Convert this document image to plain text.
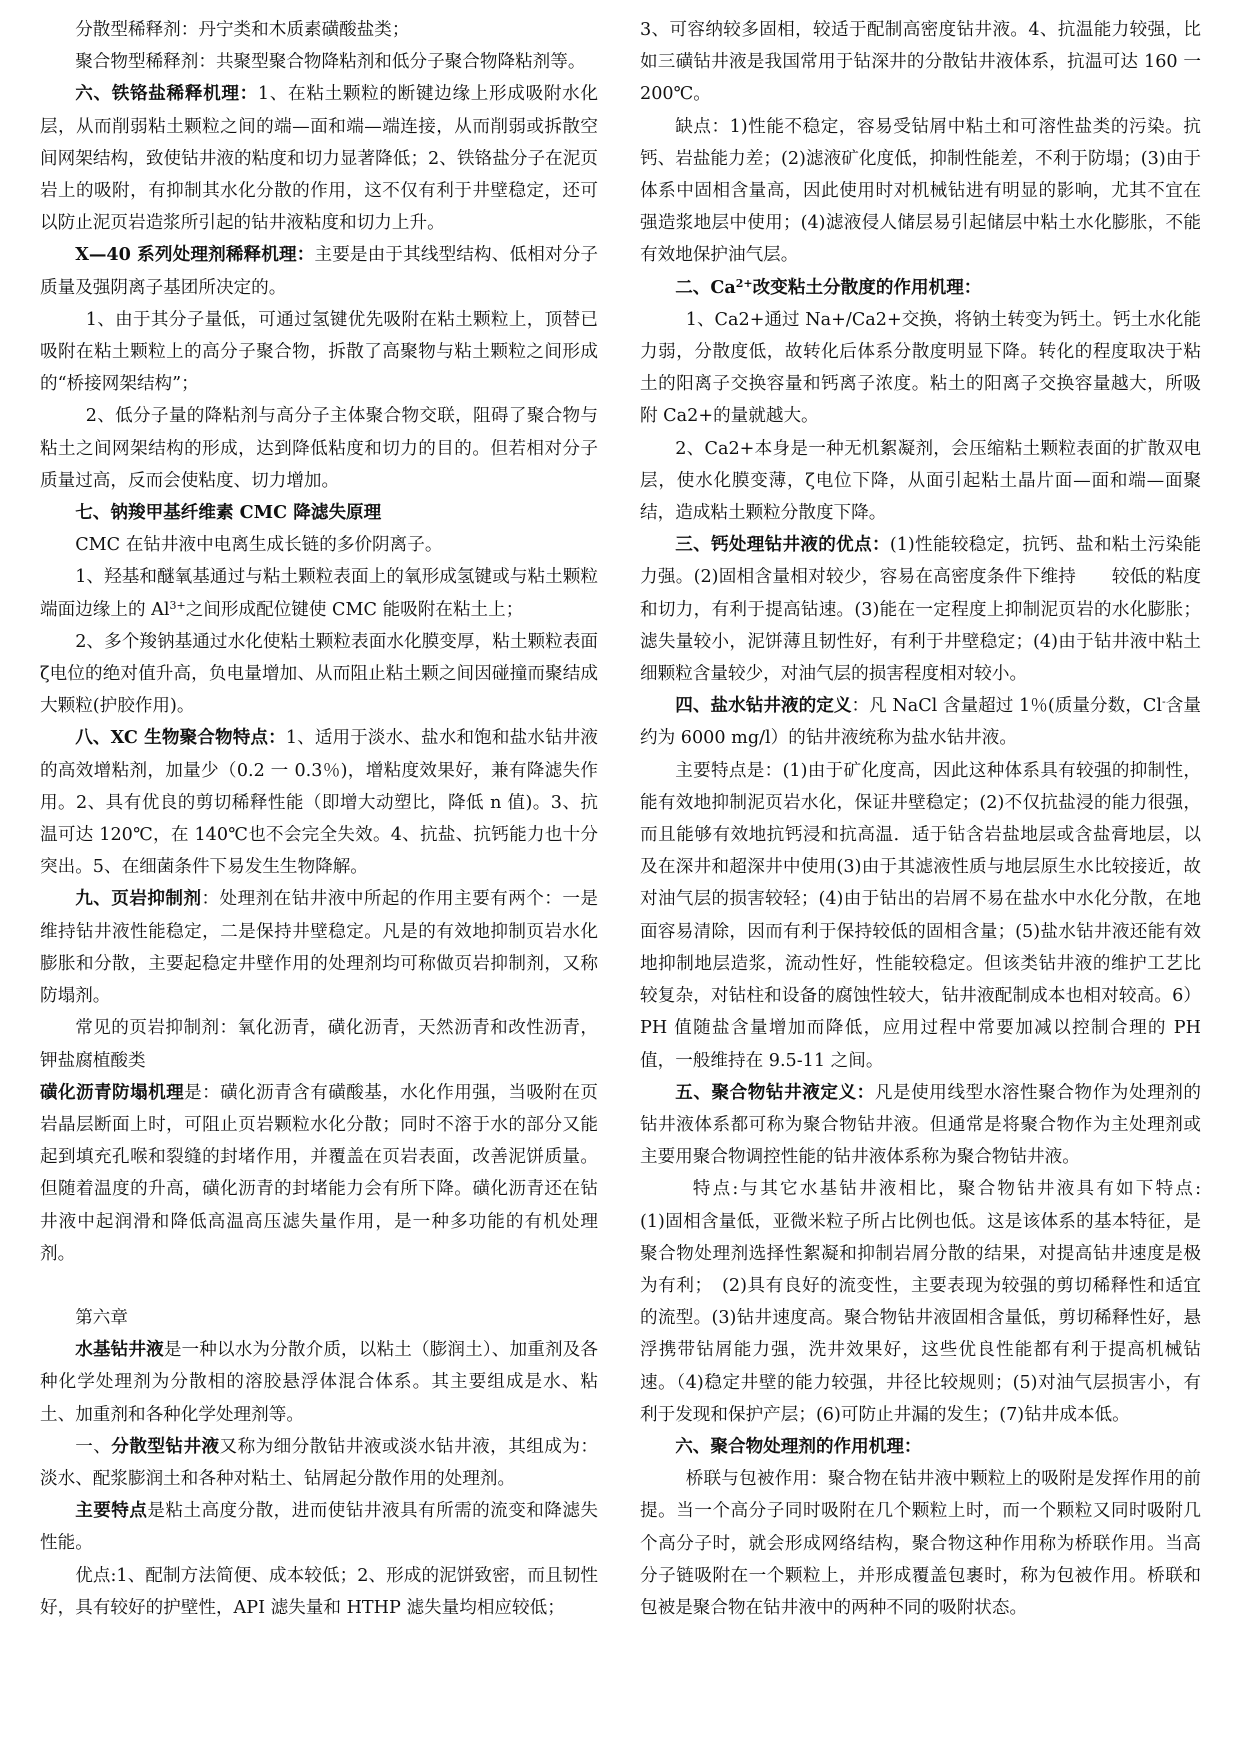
分散型稀释剂：丹宁类和木质素磺酸盐类；

聚合物型稀释剂：共聚型聚合物降粘剂和低分子聚合物降粘剂等。

六、铁铬盐稀释机理：1、在粘土颗粒的断键边缘上形成吸附水化层，从而削弱粘土颗粒之间的端—面和端—端连接，从而削弱或拆散空间网架结构，致使钻井液的粘度和切力显著降低；2、铁铬盐分子在泥页岩上的吸附，有抑制其水化分散的作用，这不仅有利于井壁稳定，还可以防止泥页岩造浆所引起的钻井液粘度和切力上升。

X—40 系列处理剂稀释机理：主要是由于其线型结构、低相对分子质量及强阴离子基团所决定的。

1、由于其分子量低，可通过氢键优先吸附在粘土颗粒上，顶替已吸附在粘土颗粒上的高分子聚合物，拆散了高聚物与粘土颗粒之间形成的“桥接网架结构”；

2、低分子量的降粘剂与高分子主体聚合物交联，阻碍了聚合物与粘土之间网架结构的形成，达到降低粘度和切力的目的。但若相对分子质量过高，反而会使粘度、切力增加。

七、钠羧甲基纤维素 CMC 降滤失原理

CMC 在钻井液中电离生成长链的多价阴离子。

1、羟基和醚氧基通过与粘土颗粒表面上的氧形成氢键或与粘土颗粒端面边缘上的 $Al^{3+}$之间形成配位键使 CMC 能吸附在粘土上；

2、多个羧钠基通过水化使粘土颗粒表面水化膜变厚，粘土颗粒表面ζ电位的绝对值升高，负电量增加、从而阻止粘土颗之间因碰撞而聚结成大颗粒(护胶作用)。

八、XC 生物聚合物特点：1、适用于淡水、盐水和饱和盐水钻井液的高效增粘剂，加量少（0.2 一 0.3％)，增粘度效果好，兼有降滤失作用。2、具有优良的剪切稀释性能（即增大动塑比，降低 n 值)。3、抗温可达 120℃，在 140℃也不会完全失效。4、抗盐、抗钙能力也十分突出。5、在细菌条件下易发生生物降解。

九、页岩抑制剂：处理剂在钻井液中所起的作用主要有两个：一是维持钻井液性能稳定，二是保持井壁稳定。凡是的有效地抑制页岩水化膨胀和分散，主要起稳定井壁作用的处理剂均可称做页岩抑制剂，又称防塌剂。

常见的页岩抑制剂：氧化沥青，磺化沥青，天然沥青和改性沥青，钾盐腐植酸类

磺化沥青防塌机理是：磺化沥青含有磺酸基，水化作用强，当吸附在页岩晶层断面上时，可阻止页岩颗粒水化分散；同时不溶于水的部分又能起到填充孔喉和裂缝的封堵作用，并覆盖在页岩表面，改善泥饼质量。但随着温度的升高，磺化沥青的封堵能力会有所下降。磺化沥青还在钻井液中起润滑和降低高温高压滤失量作用，是一种多功能的有机处理剂。

第六章

水基钻井液是一种以水为分散介质，以粘土（膨润土）、加重剂及各种化学处理剂为分散相的溶胶悬浮体混合体系。其主要组成是水、粘土、加重剂和各种化学处理剂等。

一、分散型钻井液又称为细分散钻井液或淡水钻井液，其组成为：淡水、配浆膨润土和各种对粘土、钻屑起分散作用的处理剂。

主要特点是粘土高度分散，进而使钻井液具有所需的流变和降滤失性能。

优点:1、配制方法简便、成本较低；2、形成的泥饼致密，而且韧性好，具有较好的护壁性，API 滤失量和 HTHP 滤失量均相应较低；

3、可容纳较多固相，较适于配制高密度钻井液。4、抗温能力较强，比如三磺钻井液是我国常用于钻深井的分散钻井液体系，抗温可达 160 一 200℃。

缺点：1)性能不稳定，容易受钻屑中粘土和可溶性盐类的污染。抗钙、岩盐能力差；(2)滤液矿化度低，抑制性能差，不利于防塌；(3)由于体系中固相含量高，因此使用时对机械钻进有明显的影响，尤其不宜在强造浆地层中使用；(4)滤液侵人储层易引起储层中粘土水化膨胀，不能有效地保护油气层。

二、$Ca^{2+}$改变粘土分散度的作用机理：

1、Ca2+通过 Na+/Ca2+交换，将钠土转变为钙土。钙土水化能力弱，分散度低，故转化后体系分散度明显下降。转化的程度取决于粘土的阳离子交换容量和钙离子浓度。粘土的阳离子交换容量越大，所吸附 Ca2+的量就越大。

2、Ca2+本身是一种无机絮凝剂，会压缩粘土颗粒表面的扩散双电层，使水化膜变薄，ζ电位下降，从面引起粘土晶片面—面和端—面聚结，造成粘土颗粒分散度下降。

三、钙处理钻井液的优点：(1)性能较稳定，抗钙、盐和粘土污染能力强。(2)固相含量相对较少，容易在高密度条件下维持　　较低的粘度和切力，有利于提高钻速。(3)能在一定程度上抑制泥页岩的水化膨胀；滤失量较小，泥饼薄且韧性好，有利于井壁稳定；(4)由于钻井液中粘土细颗粒含量较少，对油气层的损害程度相对较小。

四、盐水钻井液的定义：凡 NaCl 含量超过 1％(质量分数，Cl-含量约为 6000 mg/l）的钻井液统称为盐水钻井液。

主要特点是：(1)由于矿化度高，因此这种体系具有较强的抑制性，能有效地抑制泥页岩水化，保证井壁稳定；(2)不仅抗盐浸的能力很强，而且能够有效地抗钙浸和抗高温．适于钻含岩盐地层或含盐膏地层，以及在深井和超深井中使用(3)由于其滤液性质与地层原生水比较接近，故对油气层的损害较轻；(4)由于钻出的岩屑不易在盐水中水化分散，在地面容易清除，因而有利于保持较低的固相含量；(5)盐水钻井液还能有效地抑制地层造浆，流动性好，性能较稳定。但该类钻井液的维护工艺比较复杂，对钻柱和设备的腐蚀性较大，钻井液配制成本也相对较高。6）PH 值随盐含量增加而降低，应用过程中常要加减以控制合理的 PH 值，一般维持在 9.5-11 之间。

五、聚合物钻井液定义：凡是使用线型水溶性聚合物作为处理剂的钻井液体系都可称为聚合物钻井液。但通常是将聚合物作为主处理剂或主要用聚合物调控性能的钻井液体系称为聚合物钻井液。

特点:与其它水基钻井液相比，聚合物钻井液具有如下特点:　　(1)固相含量低，亚微米粒子所占比例也低。这是该体系的基本特征，是聚合物处理剂选择性絮凝和抑制岩屑分散的结果，对提高钻井速度是极为有利；　(2)具有良好的流变性，主要表现为较强的剪切稀释性和适宜的流型。(3)钻井速度高。聚合物钻井液固相含量低，剪切稀释性好，悬浮携带钻屑能力强，洗井效果好，这些优良性能都有利于提高机械钻速。（4)稳定井壁的能力较强，井径比较规则；(5)对油气层损害小，有利于发现和保护产层；(6)可防止井漏的发生；(7)钻井成本低。

六、聚合物处理剂的作用机理：

桥联与包被作用：聚合物在钻井液中颗粒上的吸附是发挥作用的前提。当一个高分子同时吸附在几个颗粒上时，而一个颗粒又同时吸附几个高分子时，就会形成网络结构，聚合物这种作用称为桥联作用。当高分子链吸附在一个颗粒上，并形成覆盖包裹时，称为包被作用。桥联和包被是聚合物在钻井液中的两种不同的吸附状态。
